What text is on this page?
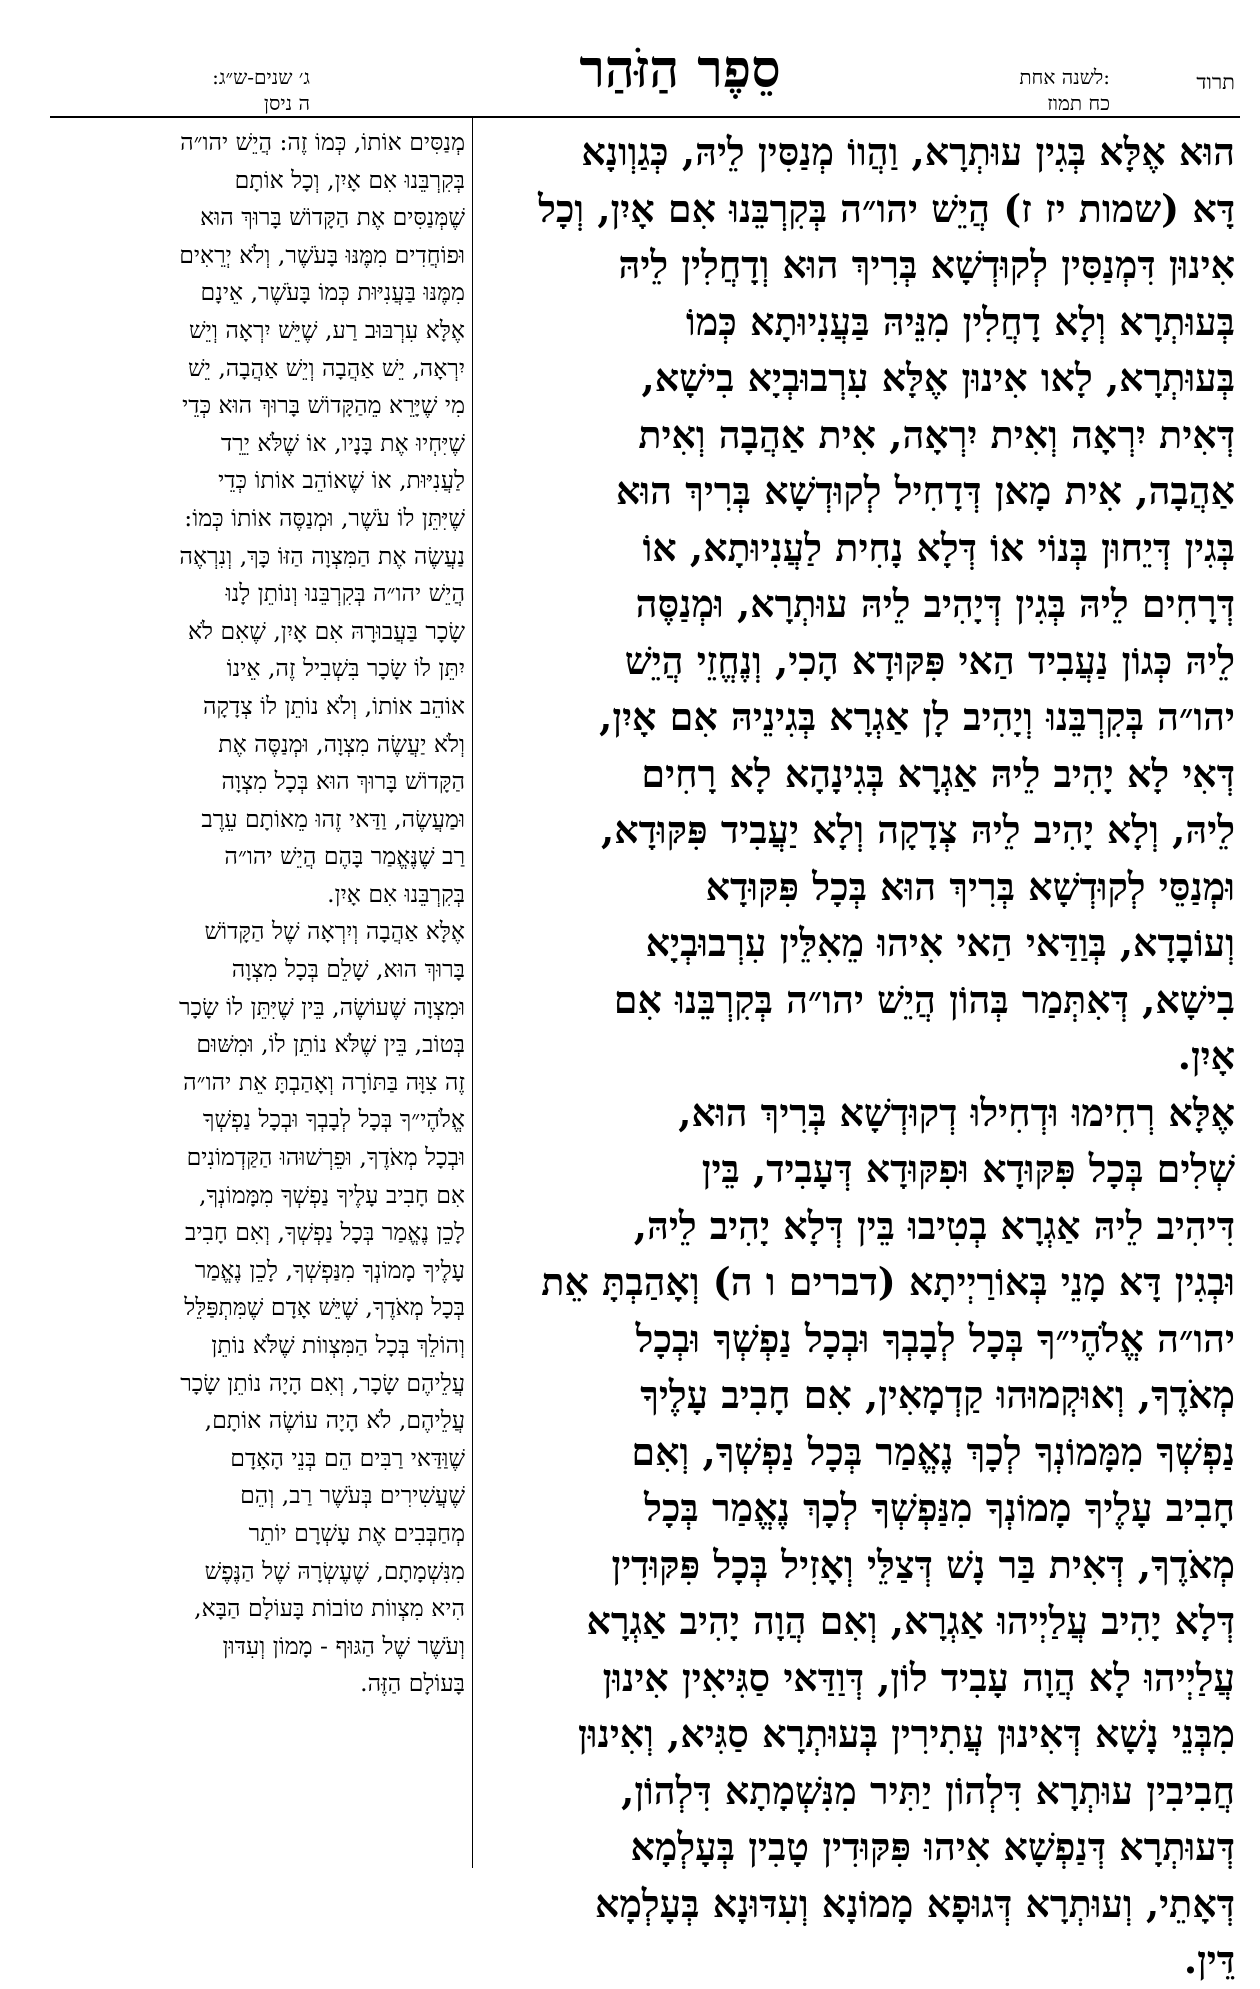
תרוד
לשנה אחת:
כח תמוז
סֵפֶר הַזֹּהַר
ג׳ שנים-ש״ג:
ה ניסן
הוּא אֶלָּא בְּגִין עוּתְרָא, וַהֲווֹ מְנַסִּין לֵיהּ, כְּגַוְונָא
דָּא (שמות יז ז) הֲיֵשׁ יהו״ה בְּקִרְבֵּנוּ אִם אָיִן, וְכָל
אִינוּן דִּמְנַסִּין לְקוּדְשָׁא בְּרִיךְ הוּא וְדָחֲלִין לֵיהּ
בְּעוּתְרָא וְלָא דָחֲלִין מִנֵּיהּ בַּעֲנִיוּתָא כְּמוֹ
בְּעוּתְרָא, לָאו אִינוּן אֶלָּא עִרְבוּבְיָא בִישָׁא,
דְּאִית יִרְאָה וְאִית יִרְאָה, אִית אַהֲבָה וְאִית
אַהֲבָה, אִית מָאן דְּדָחִיל לְקוּדְשָׁא בְּרִיךְ הוּא
בְּגִין דְּיֵחוּן בְּנוֹי אוֹ דְּלָא נָחִית לַעֲנִיוּתָא, אוֹ
דְּרָחִים לֵיהּ בְּגִין דְּיָהִיב לֵיהּ עוּתְרָא, וּמְנַסֶּה
לֵיהּ כְּגוֹן נַעֲבִיד הַאי פִּקּוּדָא הָכִי, וְנֶחֱזֵי הֲיֵשׁ
יהו״ה בְּקִרְבֵּנוּ וְיָהִיב לָן אַגְרָא בְּגִינֵיהּ אִם אָיִן,
דְּאִי לָא יָהִיב לֵיהּ אַגְרָא בְּגִינָהָא לָא רָחִים
לֵיהּ, וְלָא יָהִיב לֵיהּ צְדָקָה וְלָא יַעֲבִיד פִּקּוּדָא,
וּמְנַסֵּי לְקוּדְשָׁא בְּרִיךְ הוּא בְּכָל פִּקּוּדָא
וְעוֹבָדָא, בְּוַדַּאי הַאי אִיהוּ מֵאִלֵּין עִרְבוּבְיָא
בִישָׁא, דְּאִתְּמַר בְּהוֹן הֲיֵשׁ יהו״ה בְּקִרְבֵּנוּ אִם
אָיִן.
אֶלָּא רְחִימוּ וּדְחִילוּ דְקוּדְשָׁא בְּרִיךְ הוּא,
שְׁלִים בְּכָל פִּקּוּדָא וּפִקּוּדָא דְּעָבִיד, בֵּין
דִּיהִיב לֵיהּ אַגְרָא בְטִיבוּ בֵּין דְּלָא יָהִיב לֵיהּ,
וּבְגִין דָּא מָנֵי בְּאוֹרַיְיתָא (דברים ו ה) וְאָהַבְתָּ אֵת
יהו״ה אֱלֹהֶי״ךָ בְּכָל לְבָבְךָ וּבְכָל נַפְשְׁךָ וּבְכָל
מְאֹדֶךָ, וְאוּקְמוּהוּ קַדְמָאִין, אִם חָבִיב עָלֶיךָ
נַפְשְׁךָ מִמָּמוֹנְךָ לְכָךְ נֶאֱמַר בְּכָל נַפְשְׁךָ, וְאִם
חָבִיב עָלֶיךָ מָמוֹנְךָ מִנַּפְשְׁךָ לְכָךְ נֶאֱמַר בְּכָל
מְאֹדֶךָ, דְּאִית בַּר נָשׁ דְּצַלֵּי וְאָזִיל בְּכָל פִּקּוּדִין
דְּלָא יָהִיב עֲלַיְיהוּ אַגְרָא, וְאִם הֲוָה יָהִיב אַגְרָא
עֲלַיְיהוּ לָא הֲוָה עָבִיד לוֹן, דְּוַדַּאי סַגִּיאִין אִינוּן
מִבְּנֵי נָשָׁא דְּאִינוּן עֲתִירִין בְּעוּתְרָא סַגִּיא, וְאִינוּן
חֲבִיבִין עוּתְרָא דִּלְהוֹן יַתִּיר מִנִּשְׁמָתָא דִּלְהוֹן,
דְּעוּתְרָא דְּנַפְשָׁא אִיהוּ פִּקּוּדִין טָבִין בְּעָלְמָא
דְּאָתֵי, וְעוּתְרָא דְּגוּפָא מָמוֹנָא וְעִדּוּנָא בְּעָלְמָא
דֵּין.
מְנַסִּים אוֹתוֹ, כְּמוֹ זֶה: הֲיֵשׁ יהו״ה
בְּקִרְבֵּנוּ אִם אָיִן, וְכָל אוֹתָם
שֶׁמְּנַסִּים אֶת הַקָּדוֹשׁ בָּרוּךְ הוּא
וּפוֹחֲדִים מִמֶּנּוּ בָּעֹשֶׁר, וְלֹא יְרֵאִים
מִמֶּנּוּ בַּעֲנִיּוּת כְּמוֹ בָּעֹשֶׁר, אֵינָם
אֶלָּא עִרְבּוּב רַע, שֶׁיֵּשׁ יִרְאָה וְיֵשׁ
יִרְאָה, יֵשׁ אַהֲבָה וְיֵשׁ אַהֲבָה, יֵשׁ
מִי שֶׁיָּרֵא מֵהַקָּדוֹשׁ בָּרוּךְ הוּא כְּדֵי
שֶׁיִּחְיוּ אֶת בָּנָיו, אוֹ שֶׁלֹּא יֵרֵד
לַעֲנִיּוּת, אוֹ שֶׁאוֹהֵב אוֹתוֹ כְּדֵי
שֶׁיִּתֵּן לוֹ עֹשֶׁר, וּמְנַסֶּה אוֹתוֹ כְּמוֹ:
נַעֲשֶׂה אֶת הַמִּצְוָה הַזּוֹ כָּךְ, וְנִרְאֶה
הֲיֵשׁ יהו״ה בְּקִרְבֵּנוּ וְנוֹתֵן לָנוּ
שָׂכָר בַּעֲבוּרָהּ אִם אָיִן, שֶׁאִם לֹא
יִתֵּן לוֹ שָׂכָר בִּשְׁבִיל זֶה, אֵינוֹ
אוֹהֵב אוֹתוֹ, וְלֹא נוֹתֵן לוֹ צְדָקָה
וְלֹא יַעֲשֶׂה מִצְוָה, וּמְנַסֶּה אֶת
הַקָּדוֹשׁ בָּרוּךְ הוּא בְּכָל מִצְוָה
וּמַעֲשֶׂה, וַדַּאי זֶהוּ מֵאוֹתָם עֵרֶב
רַב שֶׁנֶּאֱמַר בָּהֶם הֲיֵשׁ יהו״ה
בְּקִרְבֵּנוּ אִם אָיִן.
אֶלָּא אַהֲבָה וְיִרְאָה שֶׁל הַקָּדוֹשׁ
בָּרוּךְ הוּא, שָׁלֵם בְּכָל מִצְוָה
וּמִצְוָה שֶׁעוֹשֶׂה, בֵּין שֶׁיִּתֵּן לוֹ שָׂכָר
בְּטוֹב, בֵּין שֶׁלֹּא נוֹתֵן לוֹ, וּמִשּׁוּם
זֶה צִוָּה בַּתּוֹרָה וְאָהַבְתָּ אֵת יהו״ה
אֱלֹהֶי״ךָ בְּכָל לְבָבְךָ וּבְכָל נַפְשְׁךָ
וּבְכָל מְאֹדֶךָ, וּפֵרְשׁוּהוּ הַקַּדְמוֹנִים
אִם חָבִיב עָלֶיךָ נַפְשְׁךָ מִמָּמוֹנְךָ,
לָכֵן נֶאֱמַר בְּכָל נַפְשְׁךָ, וְאִם חָבִיב
עָלֶיךָ מָמוֹנְךָ מִנַּפְשְׁךָ, לָכֵן נֶאֱמַר
בְּכָל מְאֹדֶךָ, שֶׁיֵּשׁ אָדָם שֶׁמִּתְפַּלֵּל
וְהוֹלֵךְ בְּכָל הַמִּצְווֹת שֶׁלֹּא נוֹתֵן
עֲלֵיהֶם שָׂכָר, וְאִם הָיָה נוֹתֵן שָׂכָר
עֲלֵיהֶם, לֹא הָיָה עוֹשֶׂה אוֹתָם,
שֶׁוַּדַּאי רַבִּים הֵם בְּנֵי הָאָדָם
שֶׁעֲשִׁירִים בְּעֹשֶׁר רַב, וְהֵם
מְחַבְּבִים אֶת עָשְׁרָם יוֹתֵר
מִנִּשְׁמָתָם, שֶׁעֶשְׂרָהּ שֶׁל הַנֶּפֶשׁ
הִיא מִצְווֹת טוֹבוֹת בָּעוֹלָם הַבָּא,
וְעֹשֶׁר שֶׁל הַגּוּף - מָמוֹן וְעִדּוּן
בָּעוֹלָם הַזֶּה.
